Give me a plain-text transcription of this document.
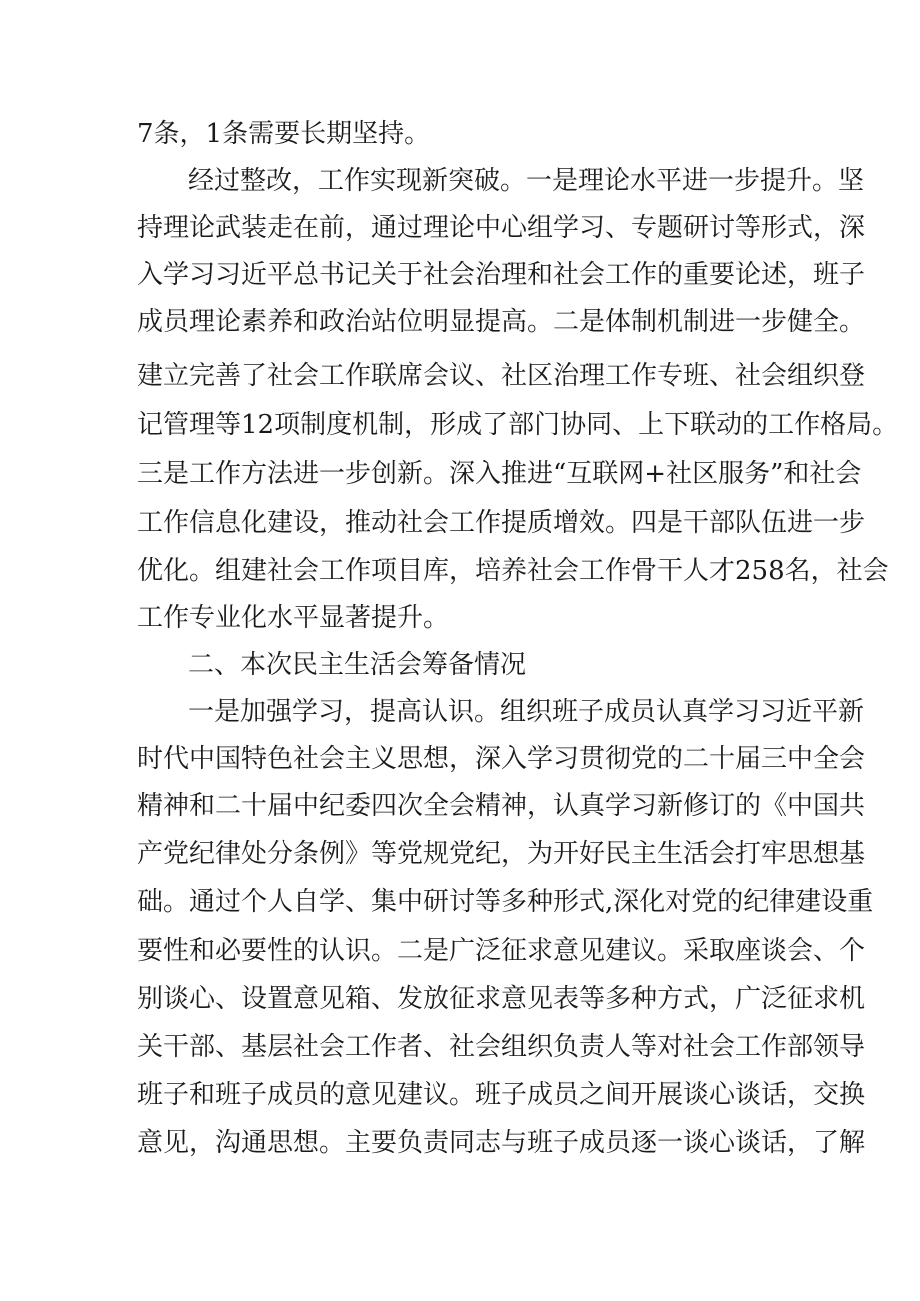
7条，1条需要长期坚持。
经过整改，工作实现新突破。一是理论水平进一步提升。坚
持理论武装走在前，通过理论中心组学习、专题研讨等形式，深
入学习习近平总书记关于社会治理和社会工作的重要论述，班子
成员理论素养和政治站位明显提高。二是体制机制进一步健全。
建立完善了社会工作联席会议、社区治理工作专班、社会组织登
记管理等12项制度机制，形成了部门协同、上下联动的工作格局。
三是工作方法进一步创新。深入推进“互联网+社区服务”和社会
工作信息化建设，推动社会工作提质增效。四是干部队伍进一步
优化。组建社会工作项目库，培养社会工作骨干人才258名，社会
工作专业化水平显著提升。
二、本次民主生活会筹备情况
一是加强学习，提高认识。组织班子成员认真学习习近平新
时代中国特色社会主义思想，深入学习贯彻党的二十届三中全会
精神和二十届中纪委四次全会精神，认真学习新修订的《中国共
产党纪律处分条例》等党规党纪，为开好民主生活会打牢思想基
础。通过个人自学、集中研讨等多种形式,深化对党的纪律建设重
要性和必要性的认识。二是广泛征求意见建议。采取座谈会、个
别谈心、设置意见箱、发放征求意见表等多种方式，广泛征求机
关干部、基层社会工作者、社会组织负责人等对社会工作部领导
班子和班子成员的意见建议。班子成员之间开展谈心谈话，交换
意见，沟通思想。主要负责同志与班子成员逐一谈心谈话，了解
